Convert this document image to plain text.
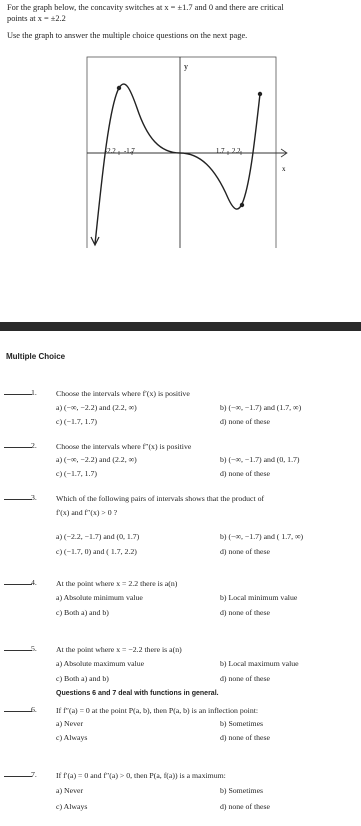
For the graph below, the concavity switches at x = ±1.7 and 0 and there are critical
points at x = ±2.2
Use the graph to answer the multiple choice questions on the next page.
y
x
-2.2 -1.7	1.7 2.2
Multiple Choice
1. Choose the intervals where f′(x) is positive
a) (−∞, −2.2) and (2.2, ∞)	b) (−∞, −1.7) and (1.7, ∞)
c) (−1.7, 1.7)	d) none of these
2. Choose the intervals where f″(x) is positive
a) (−∞, −2.2) and (2.2, ∞)	b) (−∞, −1.7) and (0, 1.7)
c) (−1.7, 1.7)	d) none of these
3. Which of the following pairs of intervals shows that the product of
f′(x) and f″(x) > 0 ?
a) (−2.2, −1.7) and (0, 1.7)	b) (−∞, −1.7) and ( 1.7, ∞)
c) (−1.7, 0) and ( 1.7, 2.2)	d) none of these
4. At the point where x = 2.2 there is a(n)
a) Absolute minimum value	b) Local minimum value
c) Both a) and b)	d) none of these
5. At the point where x = −2.2 there is a(n)
a) Absolute maximum value	b) Local maximum value
c) Both a) and b)	d) none of these
Questions 6 and 7 deal with functions in general.
6. If f″(a) = 0 at the point P(a, b), then P(a, b) is an inflection point:
a) Never	b) Sometimes
c) Always	d) none of these
7. If f′(a) = 0 and f″(a) > 0, then P(a, f(a)) is a maximum:
a) Never	b) Sometimes
c) Always	d) none of these
